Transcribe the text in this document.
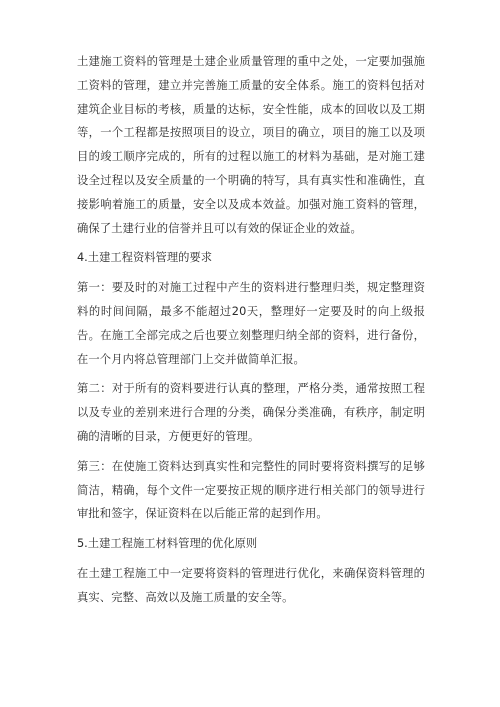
土建施工资料的管理是土建企业质量管理的重中之处，一定要加强施工资料的管理，建立并完善施工质量的安全体系。施工的资料包括对建筑企业目标的考核，质量的达标，安全性能，成本的回收以及工期等，一个工程都是按照项目的设立，项目的确立，项目的施工以及项目的竣工顺序完成的，所有的过程以施工的材料为基础，是对施工建设全过程以及安全质量的一个明确的特写，具有真实性和准确性，直接影响着施工的质量，安全以及成本效益。加强对施工资料的管理，确保了土建行业的信誉并且可以有效的保证企业的效益。

4.土建工程资料管理的要求

第一：要及时的对施工过程中产生的资料进行整理归类，规定整理资料的时间间隔，最多不能超过20天，整理好一定要及时的向上级报告。在施工全部完成之后也要立刻整理归纳全部的资料，进行备份，在一个月内将总管理部门上交并做简单汇报。

第二：对于所有的资料要进行认真的整理，严格分类，通常按照工程以及专业的差别来进行合理的分类，确保分类准确，有秩序，制定明确的清晰的目录，方便更好的管理。

第三：在使施工资料达到真实性和完整性的同时要将资料撰写的足够简洁，精确，每个文件一定要按正规的顺序进行相关部门的领导进行审批和签字，保证资料在以后能正常的起到作用。

5.土建工程施工材料管理的优化原则

在土建工程施工中一定要将资料的管理进行优化，来确保资料管理的真实、完整、高效以及施工质量的安全等。
